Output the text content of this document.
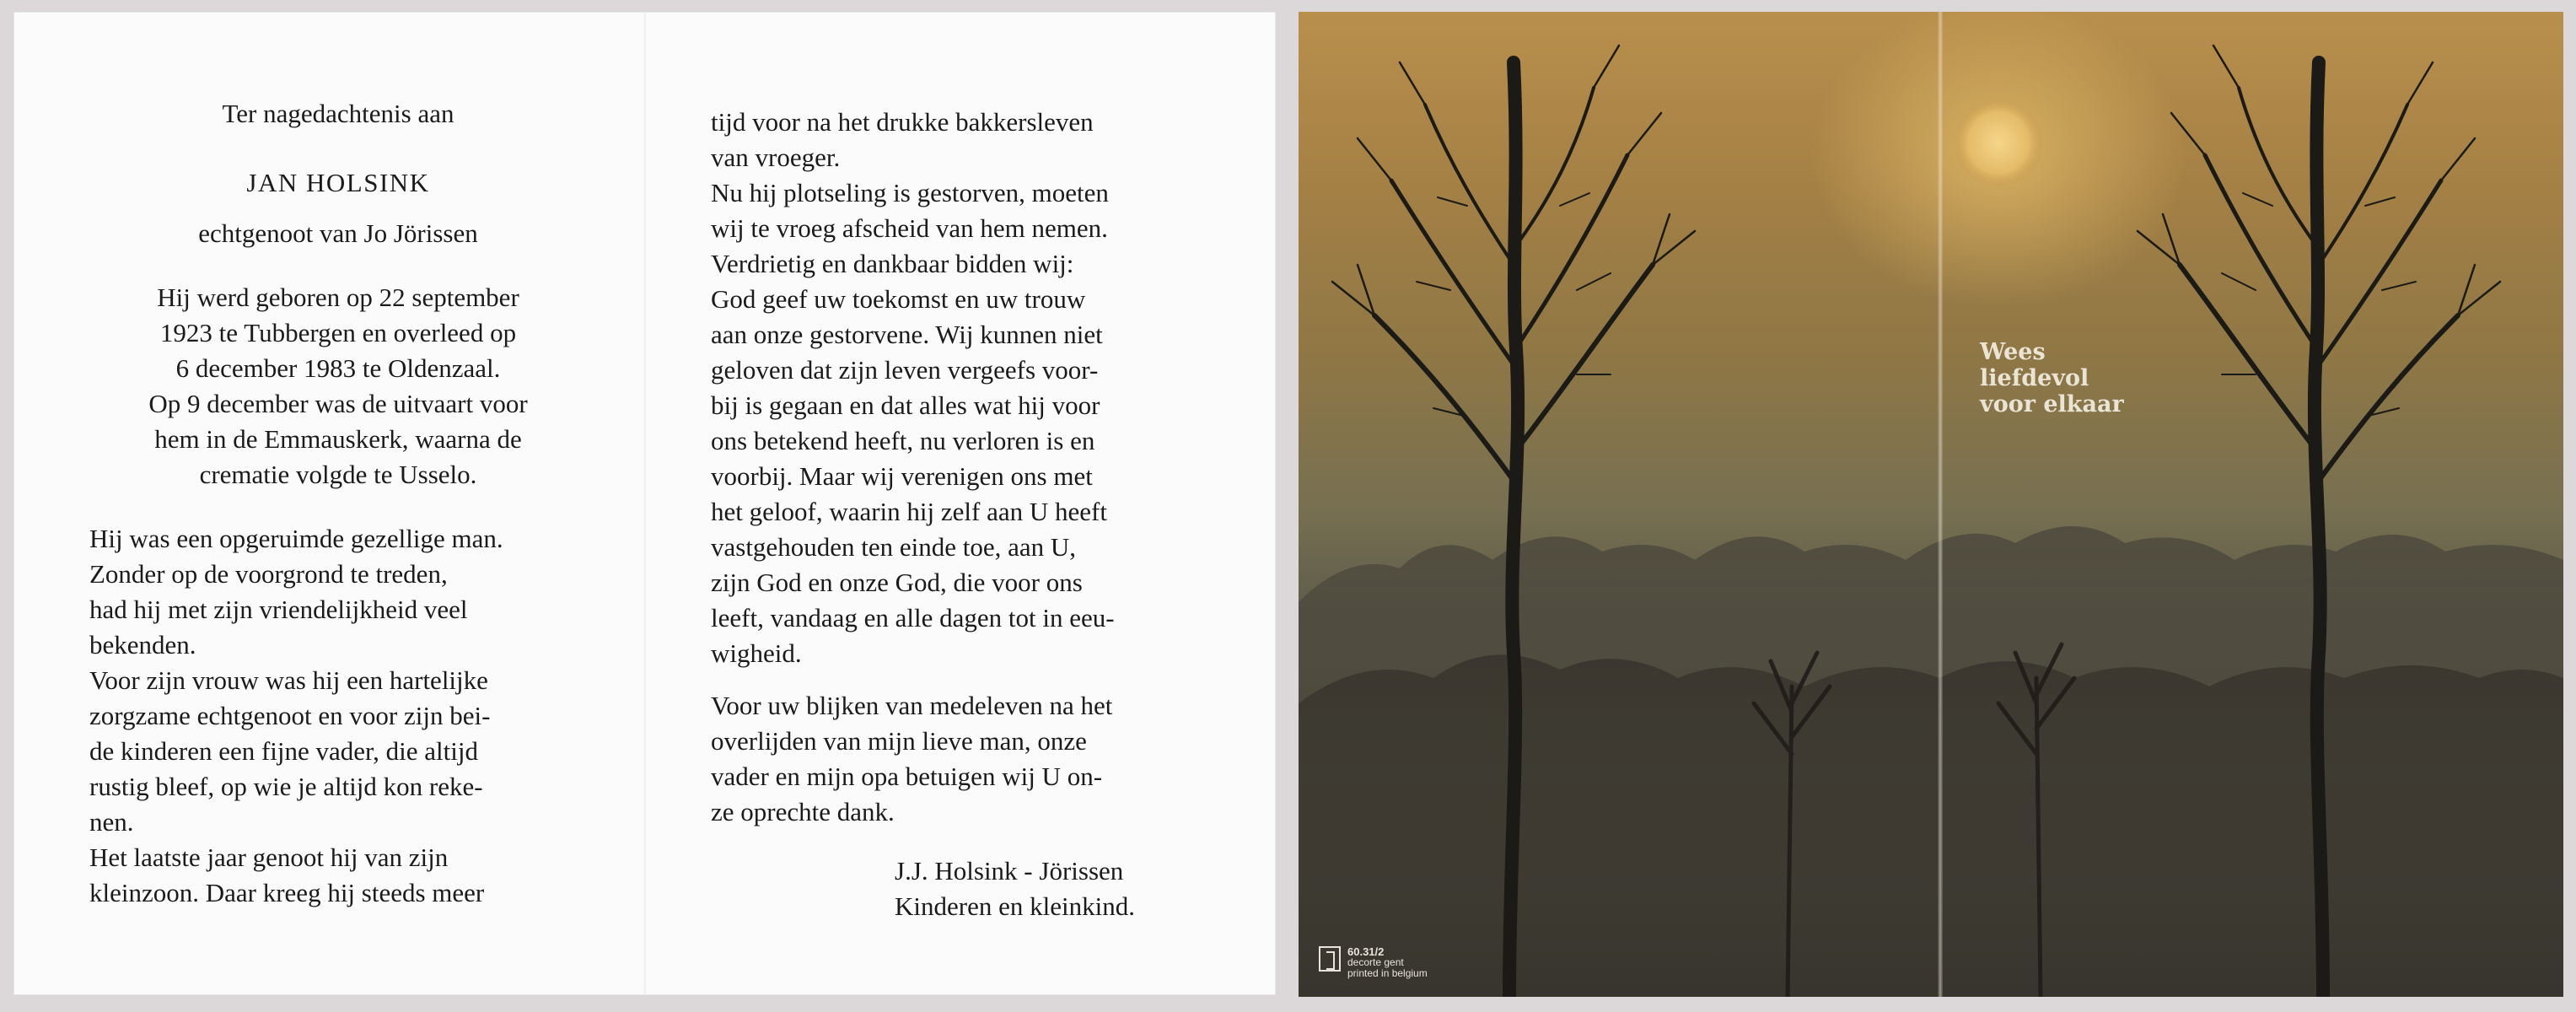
Ter nagedachtenis aan

JAN HOLSINK

echtgenoot van Jo Jörissen

Hij werd geboren op 22 september

1923 te Tubbergen en overleed op

6 december 1983 te Oldenzaal.

Op 9 december was de uitvaart voor

hem in de Emmauskerk, waarna de

crematie volgde te Usselo.

Hij was een opgeruimde gezellige man.

Zonder op de voorgrond te treden,

had hij met zijn vriendelijkheid veel

bekenden.

Voor zijn vrouw was hij een hartelijke

zorgzame echtgenoot en voor zijn bei-

de kinderen een fijne vader, die altijd

rustig bleef, op wie je altijd kon reke-

nen.

Het laatste jaar genoot hij van zijn

kleinzoon. Daar kreeg hij steeds meer

tijd voor na het drukke bakkersleven

van vroeger.

Nu hij plotseling is gestorven, moeten

wij te vroeg afscheid van hem nemen.

Verdrietig en dankbaar bidden wij:

God geef uw toekomst en uw trouw

aan onze gestorvene. Wij kunnen niet

geloven dat zijn leven vergeefs voor-

bij is gegaan en dat alles wat hij voor

ons betekend heeft, nu verloren is en

voorbij. Maar wij verenigen ons met

het geloof, waarin hij zelf aan U heeft

vastgehouden ten einde toe, aan U,

zijn God en onze God, die voor ons

leeft, vandaag en alle dagen tot in eeu-

wigheid.

Voor uw blijken van medeleven na het

overlijden van mijn lieve man, onze

vader en mijn opa betuigen wij U on-

ze oprechte dank.

J.J. Holsink - Jörissen

Kinderen en kleinkind.

Wees
liefdevol
voor elkaar
60.31/2
decorte gent
printed in belgium
